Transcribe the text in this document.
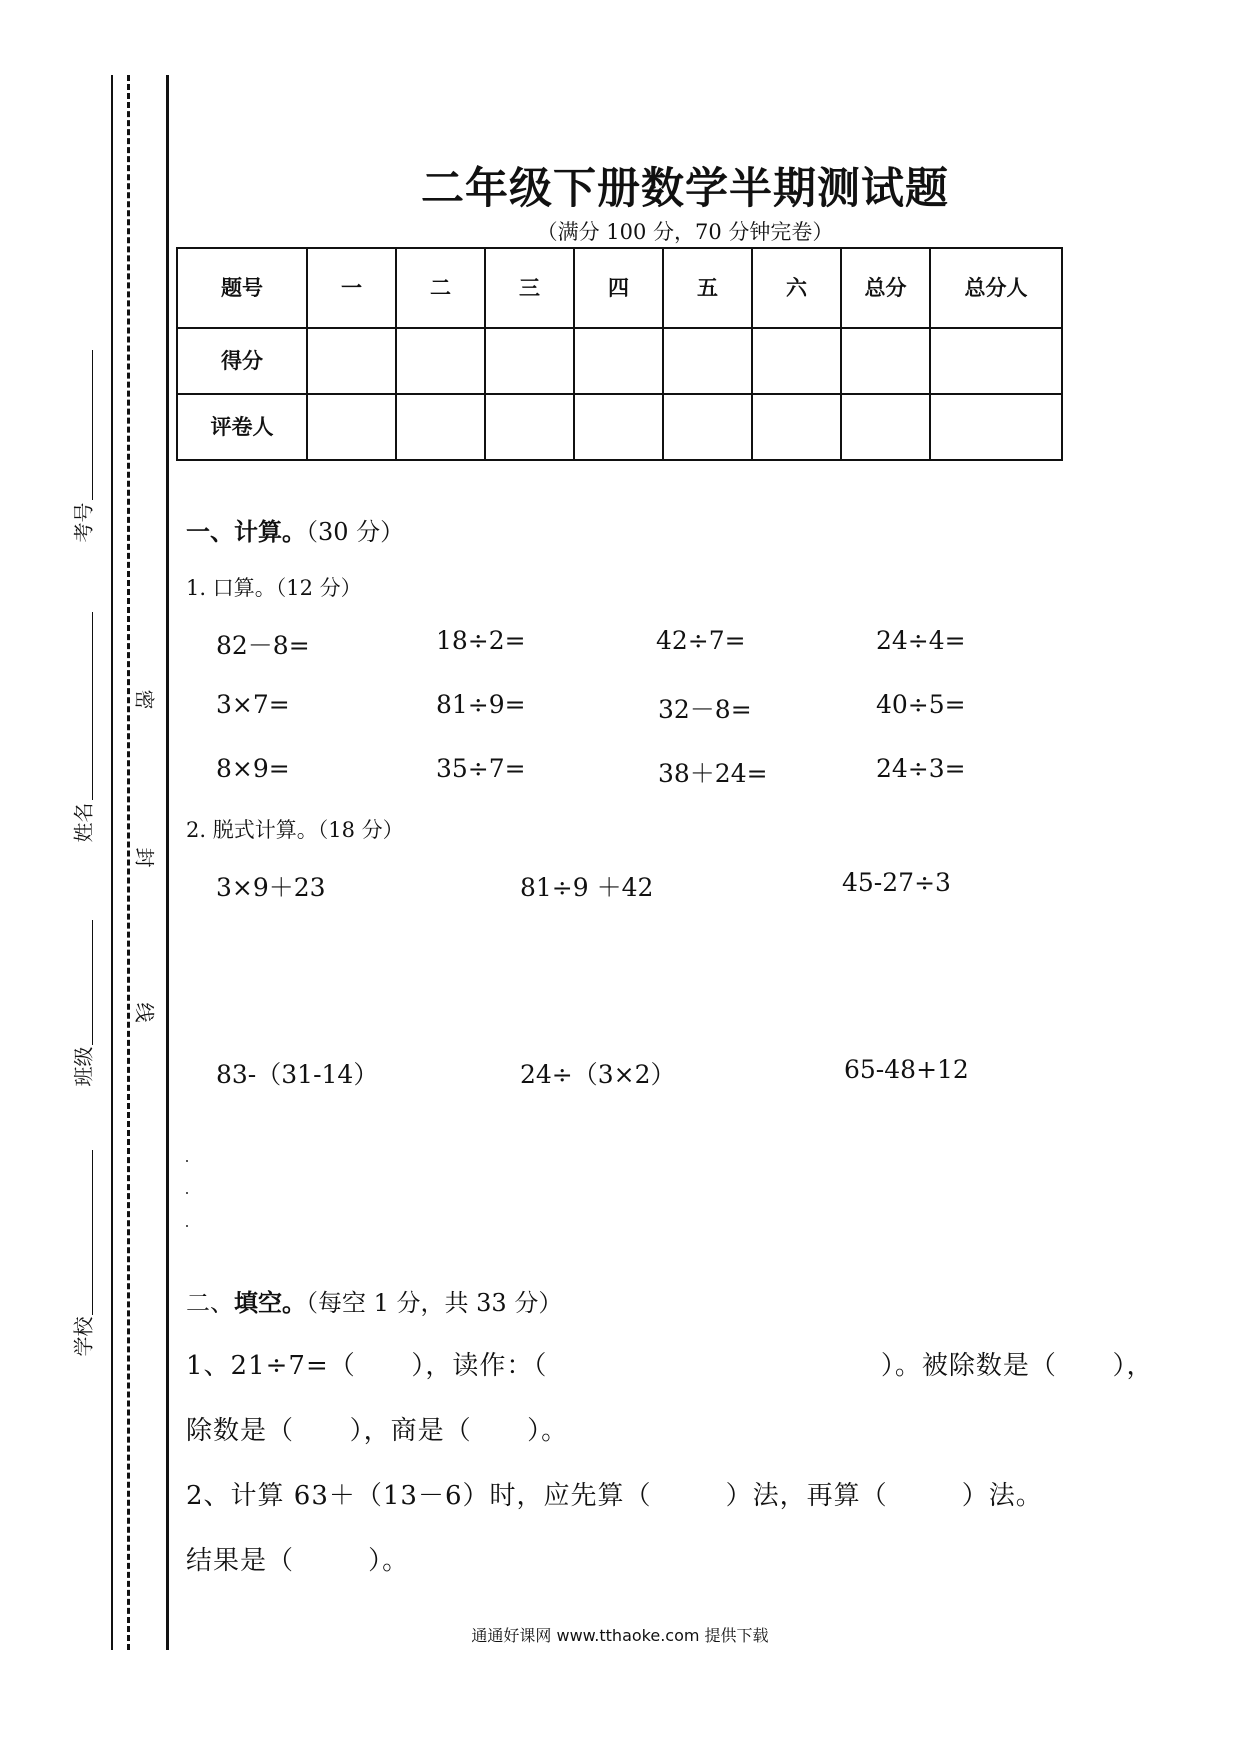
考号
姓名
班级
学校
密
封
线
二年级下册数学半期测试题
（满分 100 分，70 分钟完卷）
题号	一	二	三	四	五	六	总分	总分人
得分								
评卷人								
一、计算。（30 分）
1. 口算。（12 分）
82－8=	18÷2=	42÷7=	24÷4=
3×7=	81÷9=	32－8=	40÷5=
8×9=	35÷7=	38＋24=	24÷3=
2. 脱式计算。（18 分）
3×9＋23	81÷9 ＋42	45-27÷3
83-（31-14）	24÷（3×2）	65-48+12
二、填空。（每空 1 分，共 33 分）
1、21÷7=（      ），读作：（                                    ）。被除数是（      ），
除数是（      ），商是（      ）。
2、计算 63＋（13－6）时，应先算（        ）法，再算（        ）法。
结果是（        ）。
通通好课网 www.tthaoke.com 提供下载
